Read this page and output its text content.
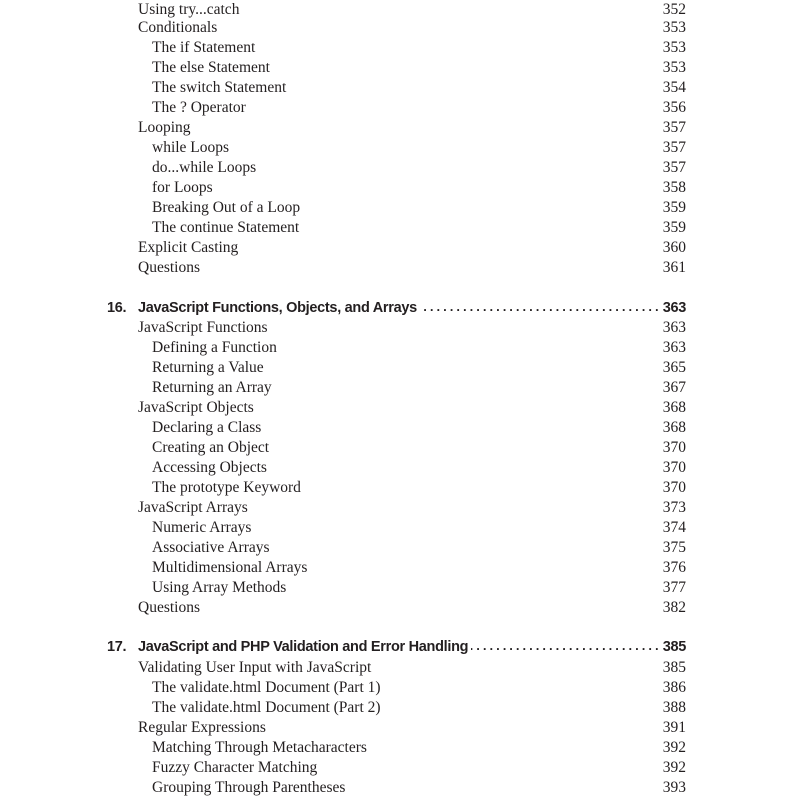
Using try...catch	352
Conditionals	353
The if Statement	353
The else Statement	353
The switch Statement	354
The ? Operator	356
Looping	357
while Loops	357
do...while Loops	357
for Loops	358
Breaking Out of a Loop	359
The continue Statement	359
Explicit Casting	360
Questions	361
16. JavaScript Functions, Objects, and Arrays	363
JavaScript Functions	363
Defining a Function	363
Returning a Value	365
Returning an Array	367
JavaScript Objects	368
Declaring a Class	368
Creating an Object	370
Accessing Objects	370
The prototype Keyword	370
JavaScript Arrays	373
Numeric Arrays	374
Associative Arrays	375
Multidimensional Arrays	376
Using Array Methods	377
Questions	382
17. JavaScript and PHP Validation and Error Handling	385
Validating User Input with JavaScript	385
The validate.html Document (Part 1)	386
The validate.html Document (Part 2)	388
Regular Expressions	391
Matching Through Metacharacters	392
Fuzzy Character Matching	392
Grouping Through Parentheses	393
